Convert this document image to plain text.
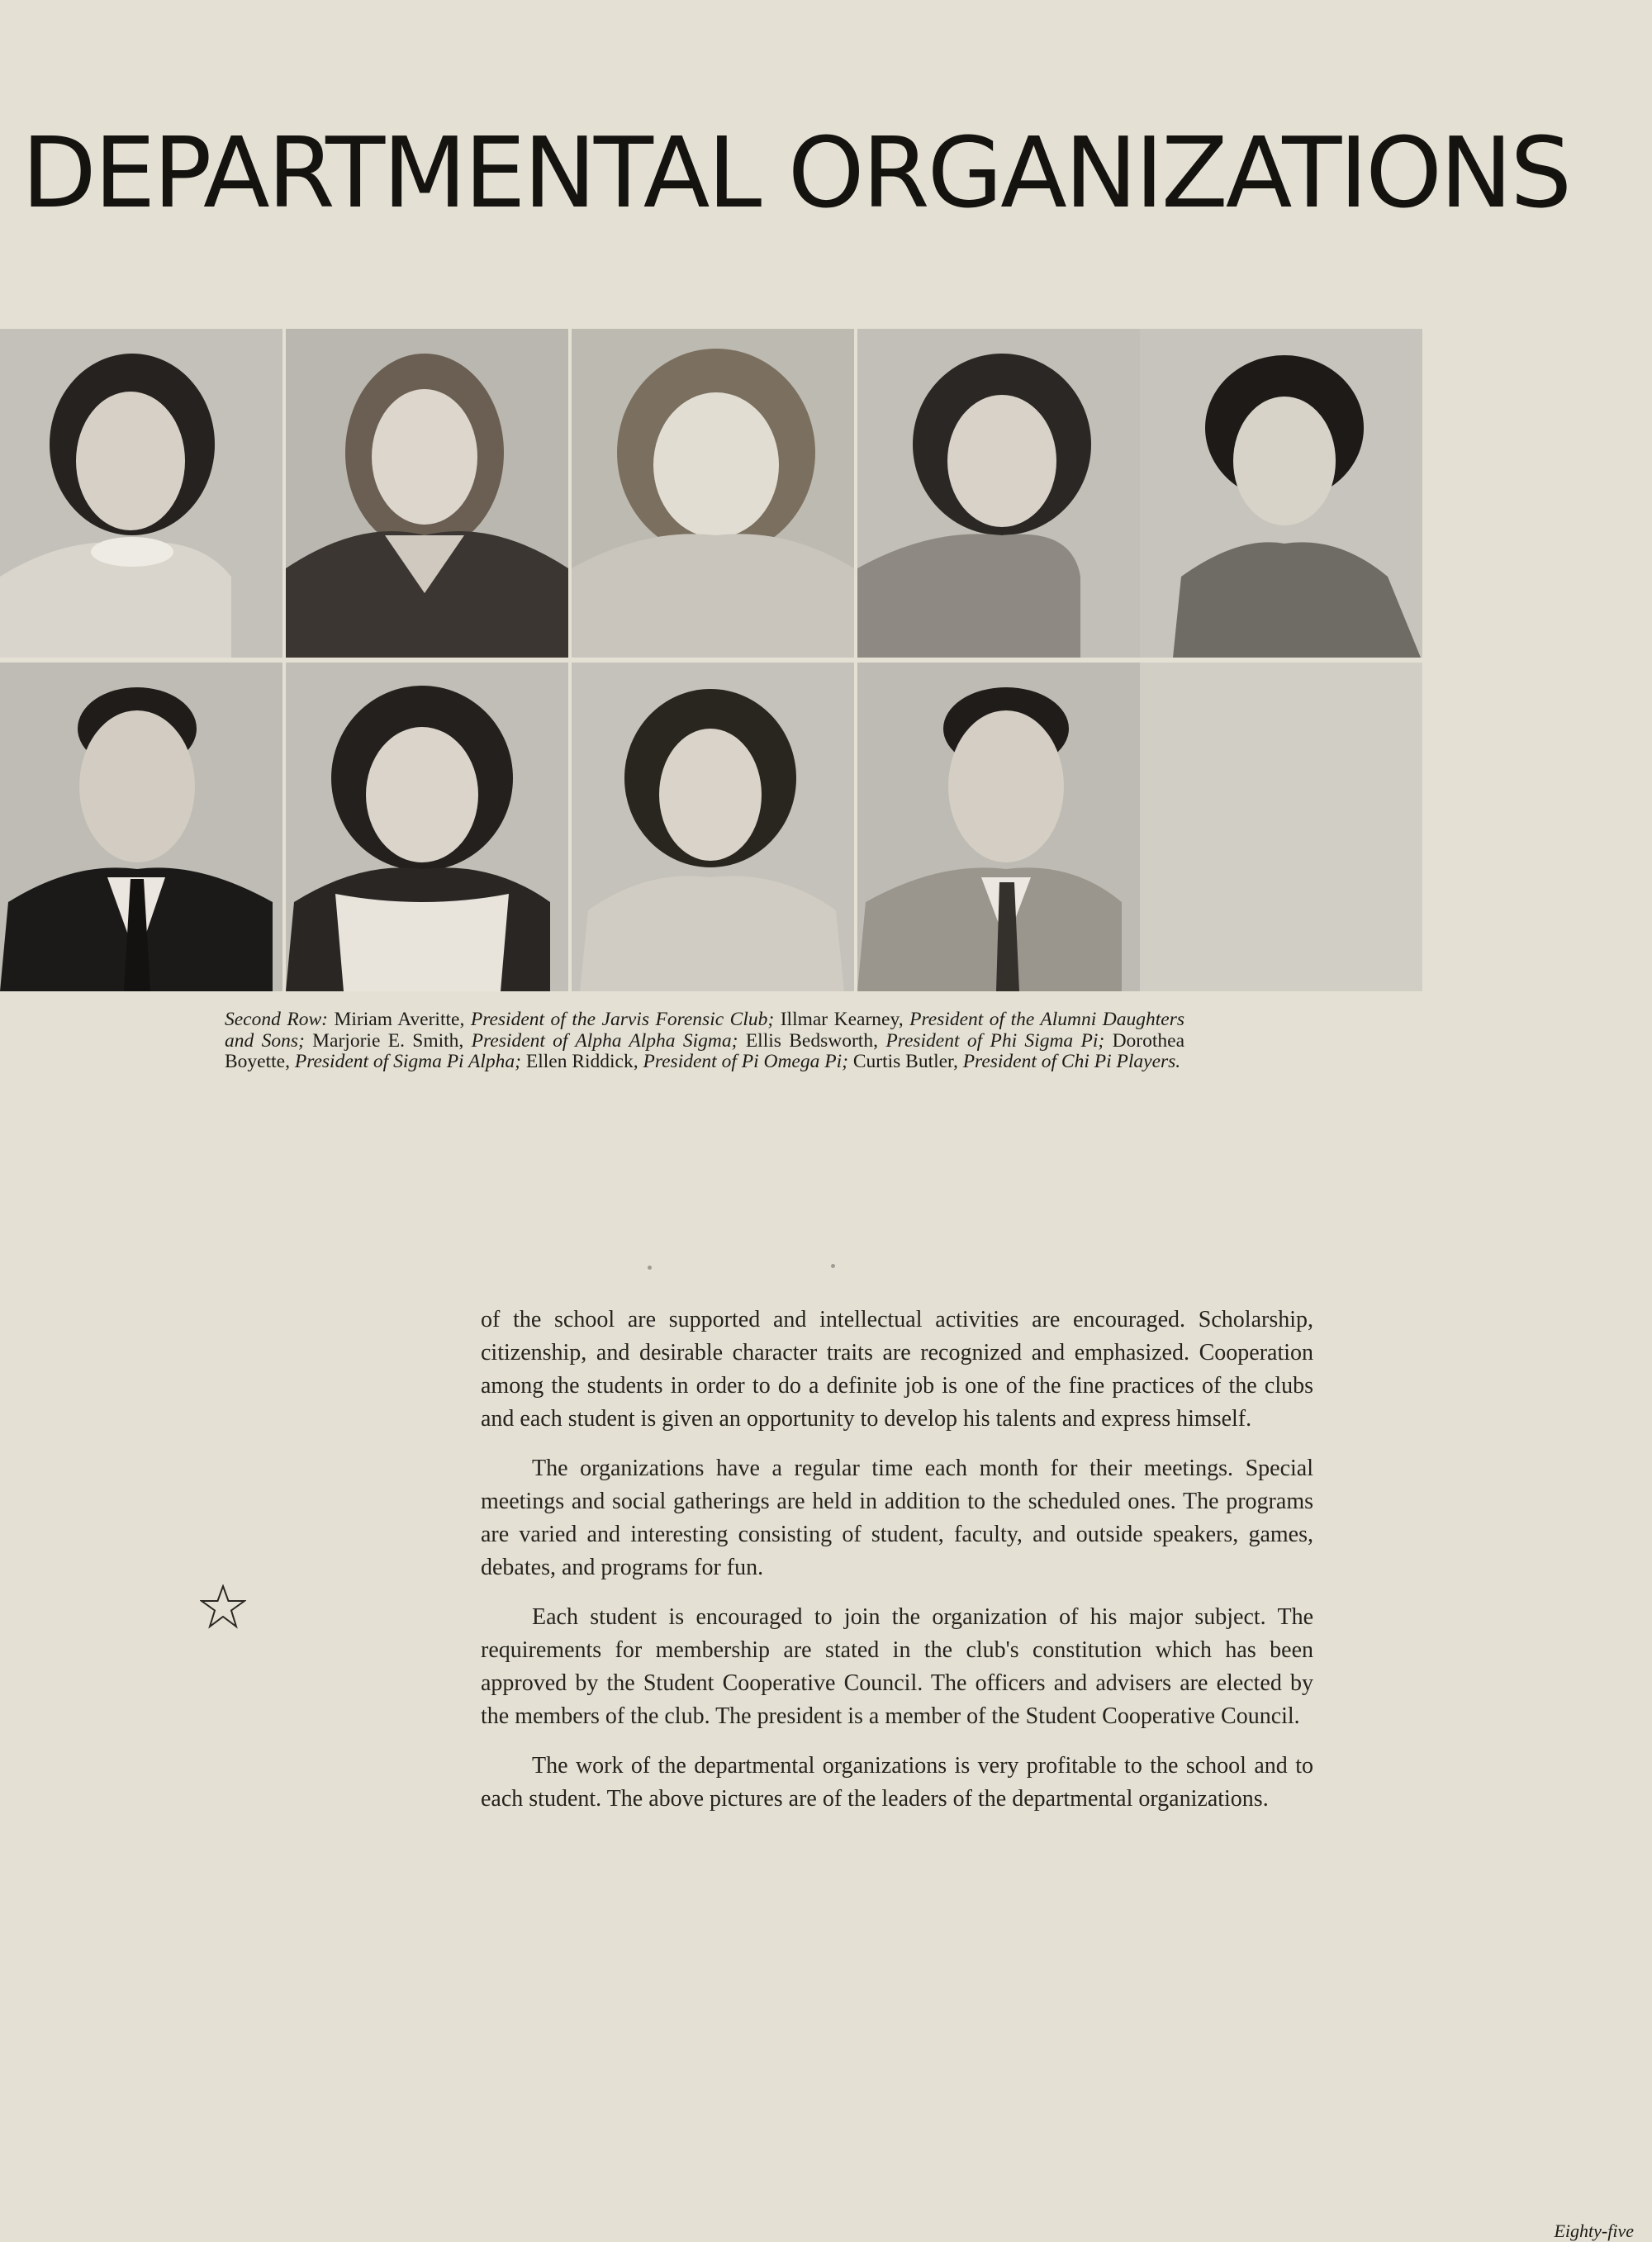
DEPARTMENTAL ORGANIZATIONS

Second Row: Miriam Averitte, President of the Jarvis Forensic Club; Illmar Kearney, President of the Alumni Daughters and Sons; Marjorie E. Smith, President of Alpha Alpha Sigma; Ellis Bedsworth, President of Phi Sigma Pi; Dorothea Boyette, President of Sigma Pi Alpha; Ellen Riddick, President of Pi Omega Pi; Curtis Butler, President of Chi Pi Players.

of the school are supported and intellectual activities are encouraged. Scholarship, citizenship, and desirable character traits are recognized and emphasized. Cooperation among the students in order to do a definite job is one of the fine practices of the clubs and each student is given an opportunity to develop his talents and express himself.

The organizations have a regular time each month for their meetings. Special meetings and social gatherings are held in addition to the scheduled ones. The programs are varied and interesting consisting of student, faculty, and outside speakers, games, debates, and programs for fun.

Each student is encouraged to join the organization of his major subject. The requirements for membership are stated in the club's constitution which has been approved by the Student Cooperative Council. The officers and advisers are elected by the members of the club. The president is a member of the Student Cooperative Council.

The work of the departmental organizations is very profitable to the school and to each student. The above pictures are of the leaders of the departmental organizations.

Eighty-five
